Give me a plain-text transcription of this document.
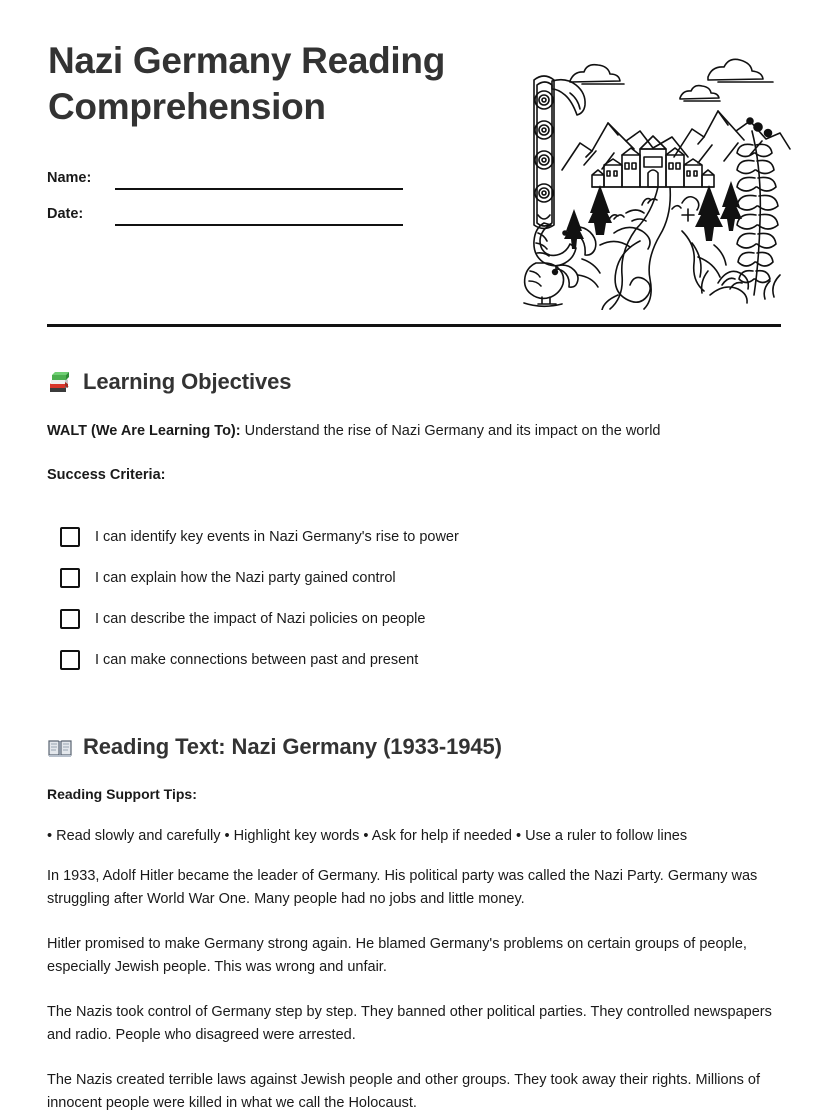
Nazi Germany Reading Comprehension
Name:
Date:
Learning Objectives

WALT (We Are Learning To): Understand the rise of Nazi Germany and its impact on the world

Success Criteria:

I can identify key events in Nazi Germany's rise to power
I can explain how the Nazi party gained control
I can describe the impact of Nazi policies on people
I can make connections between past and present
Reading Text: Nazi Germany (1933-1945)

Reading Support Tips:

• Read slowly and carefully • Highlight key words • Ask for help if needed • Use a ruler to follow lines

In 1933, Adolf Hitler became the leader of Germany. His political party was called the Nazi Party. Germany was struggling after World War One. Many people had no jobs and little money.

Hitler promised to make Germany strong again. He blamed Germany's problems on certain groups of people, especially Jewish people. This was wrong and unfair.

The Nazis took control of Germany step by step. They banned other political parties. They controlled newspapers and radio. People who disagreed were arrested.

The Nazis created terrible laws against Jewish people and other groups. They took away their rights. Millions of innocent people were killed in what we call the Holocaust.
